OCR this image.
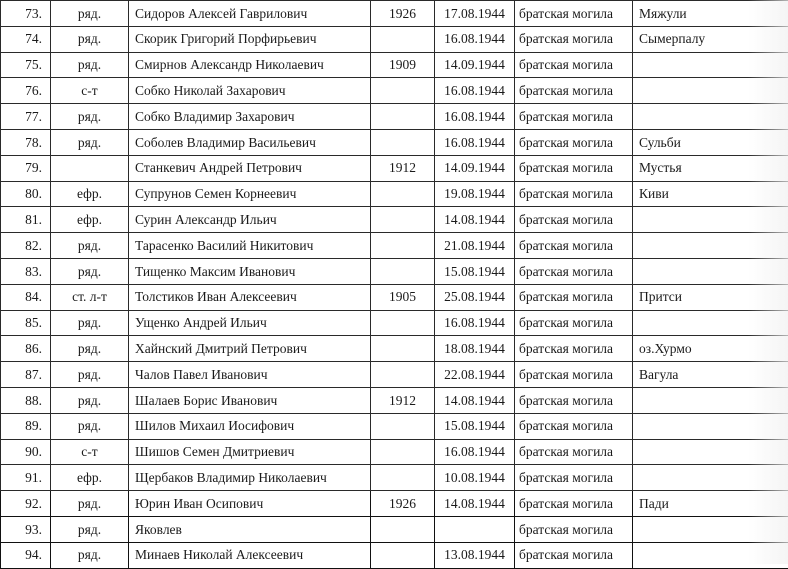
73.	ряд.	Сидоров Алексей Гаврилович	1926	17.08.1944	братская могила	Мяжули
74.	ряд.	Скорик Григорий Порфирьевич		16.08.1944	братская могила	Сымерпалу
75.	ряд.	Смирнов Александр Николаевич	1909	14.09.1944	братская могила	
76.	с-т	Собко Николай Захарович		16.08.1944	братская могила	
77.	ряд.	Собко Владимир Захарович		16.08.1944	братская могила	
78.	ряд.	Соболев Владимир Васильевич		16.08.1944	братская могила	Сульби
79.		Станкевич Андрей Петрович	1912	14.09.1944	братская могила	Мустья
80.	ефр.	Супрунов Семен Корнеевич		19.08.1944	братская могила	Киви
81.	ефр.	Сурин Александр Ильич		14.08.1944	братская могила	
82.	ряд.	Тарасенко Василий Никитович		21.08.1944	братская могила	
83.	ряд.	Тищенко Максим Иванович		15.08.1944	братская могила	
84.	ст. л-т	Толстиков Иван Алексеевич	1905	25.08.1944	братская могила	Притси
85.	ряд.	Ущенко Андрей Ильич		16.08.1944	братская могила	
86.	ряд.	Хайнский Дмитрий Петрович		18.08.1944	братская могила	оз.Хурмо
87.	ряд.	Чалов Павел Иванович		22.08.1944	братская могила	Вагула
88.	ряд.	Шалаев Борис Иванович	1912	14.08.1944	братская могила	
89.	ряд.	Шилов Михаил Иосифович		15.08.1944	братская могила	
90.	с-т	Шишов Семен Дмитриевич		16.08.1944	братская могила	
91.	ефр.	Щербаков Владимир Николаевич		10.08.1944	братская могила	
92.	ряд.	Юрин Иван Осипович	1926	14.08.1944	братская могила	Пади
93.	ряд.	Яковлев			братская могила	
94.	ряд.	Минаев Николай Алексеевич		13.08.1944	братская могила	
